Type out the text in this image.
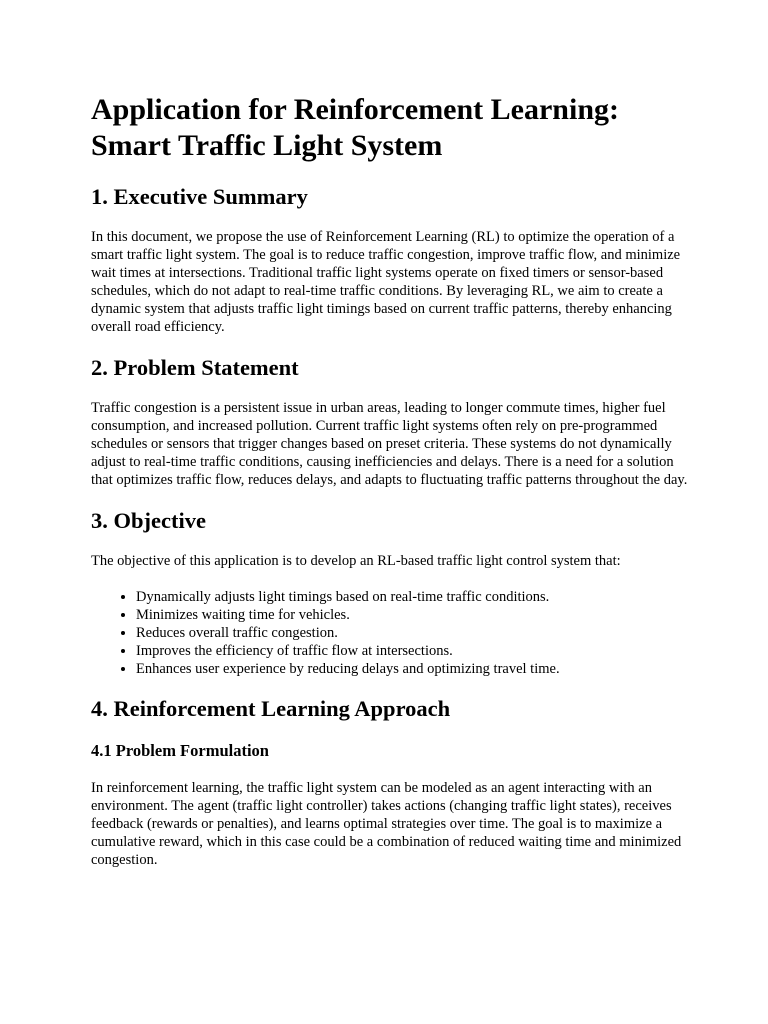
Application for Reinforcement Learning: Smart Traffic Light System
1. Executive Summary

In this document, we propose the use of Reinforcement Learning (RL) to optimize the operation of a smart traffic light system. The goal is to reduce traffic congestion, improve traffic flow, and minimize wait times at intersections. Traditional traffic light systems operate on fixed timers or sensor-based schedules, which do not adapt to real-time traffic conditions. By leveraging RL, we aim to create a dynamic system that adjusts traffic light timings based on current traffic patterns, thereby enhancing overall road efficiency.

2. Problem Statement

Traffic congestion is a persistent issue in urban areas, leading to longer commute times, higher fuel consumption, and increased pollution. Current traffic light systems often rely on pre-programmed schedules or sensors that trigger changes based on preset criteria. These systems do not dynamically adjust to real-time traffic conditions, causing inefficiencies and delays. There is a need for a solution that optimizes traffic flow, reduces delays, and adapts to fluctuating traffic patterns throughout the day.

3. Objective

The objective of this application is to develop an RL-based traffic light control system that:

• Dynamically adjusts light timings based on real-time traffic conditions.
• Minimizes waiting time for vehicles.
• Reduces overall traffic congestion.
• Improves the efficiency of traffic flow at intersections.
• Enhances user experience by reducing delays and optimizing travel time.
4. Reinforcement Learning Approach
4.1 Problem Formulation

In reinforcement learning, the traffic light system can be modeled as an agent interacting with an environment. The agent (traffic light controller) takes actions (changing traffic light states), receives feedback (rewards or penalties), and learns optimal strategies over time. The goal is to maximize a cumulative reward, which in this case could be a combination of reduced waiting time and minimized congestion.
